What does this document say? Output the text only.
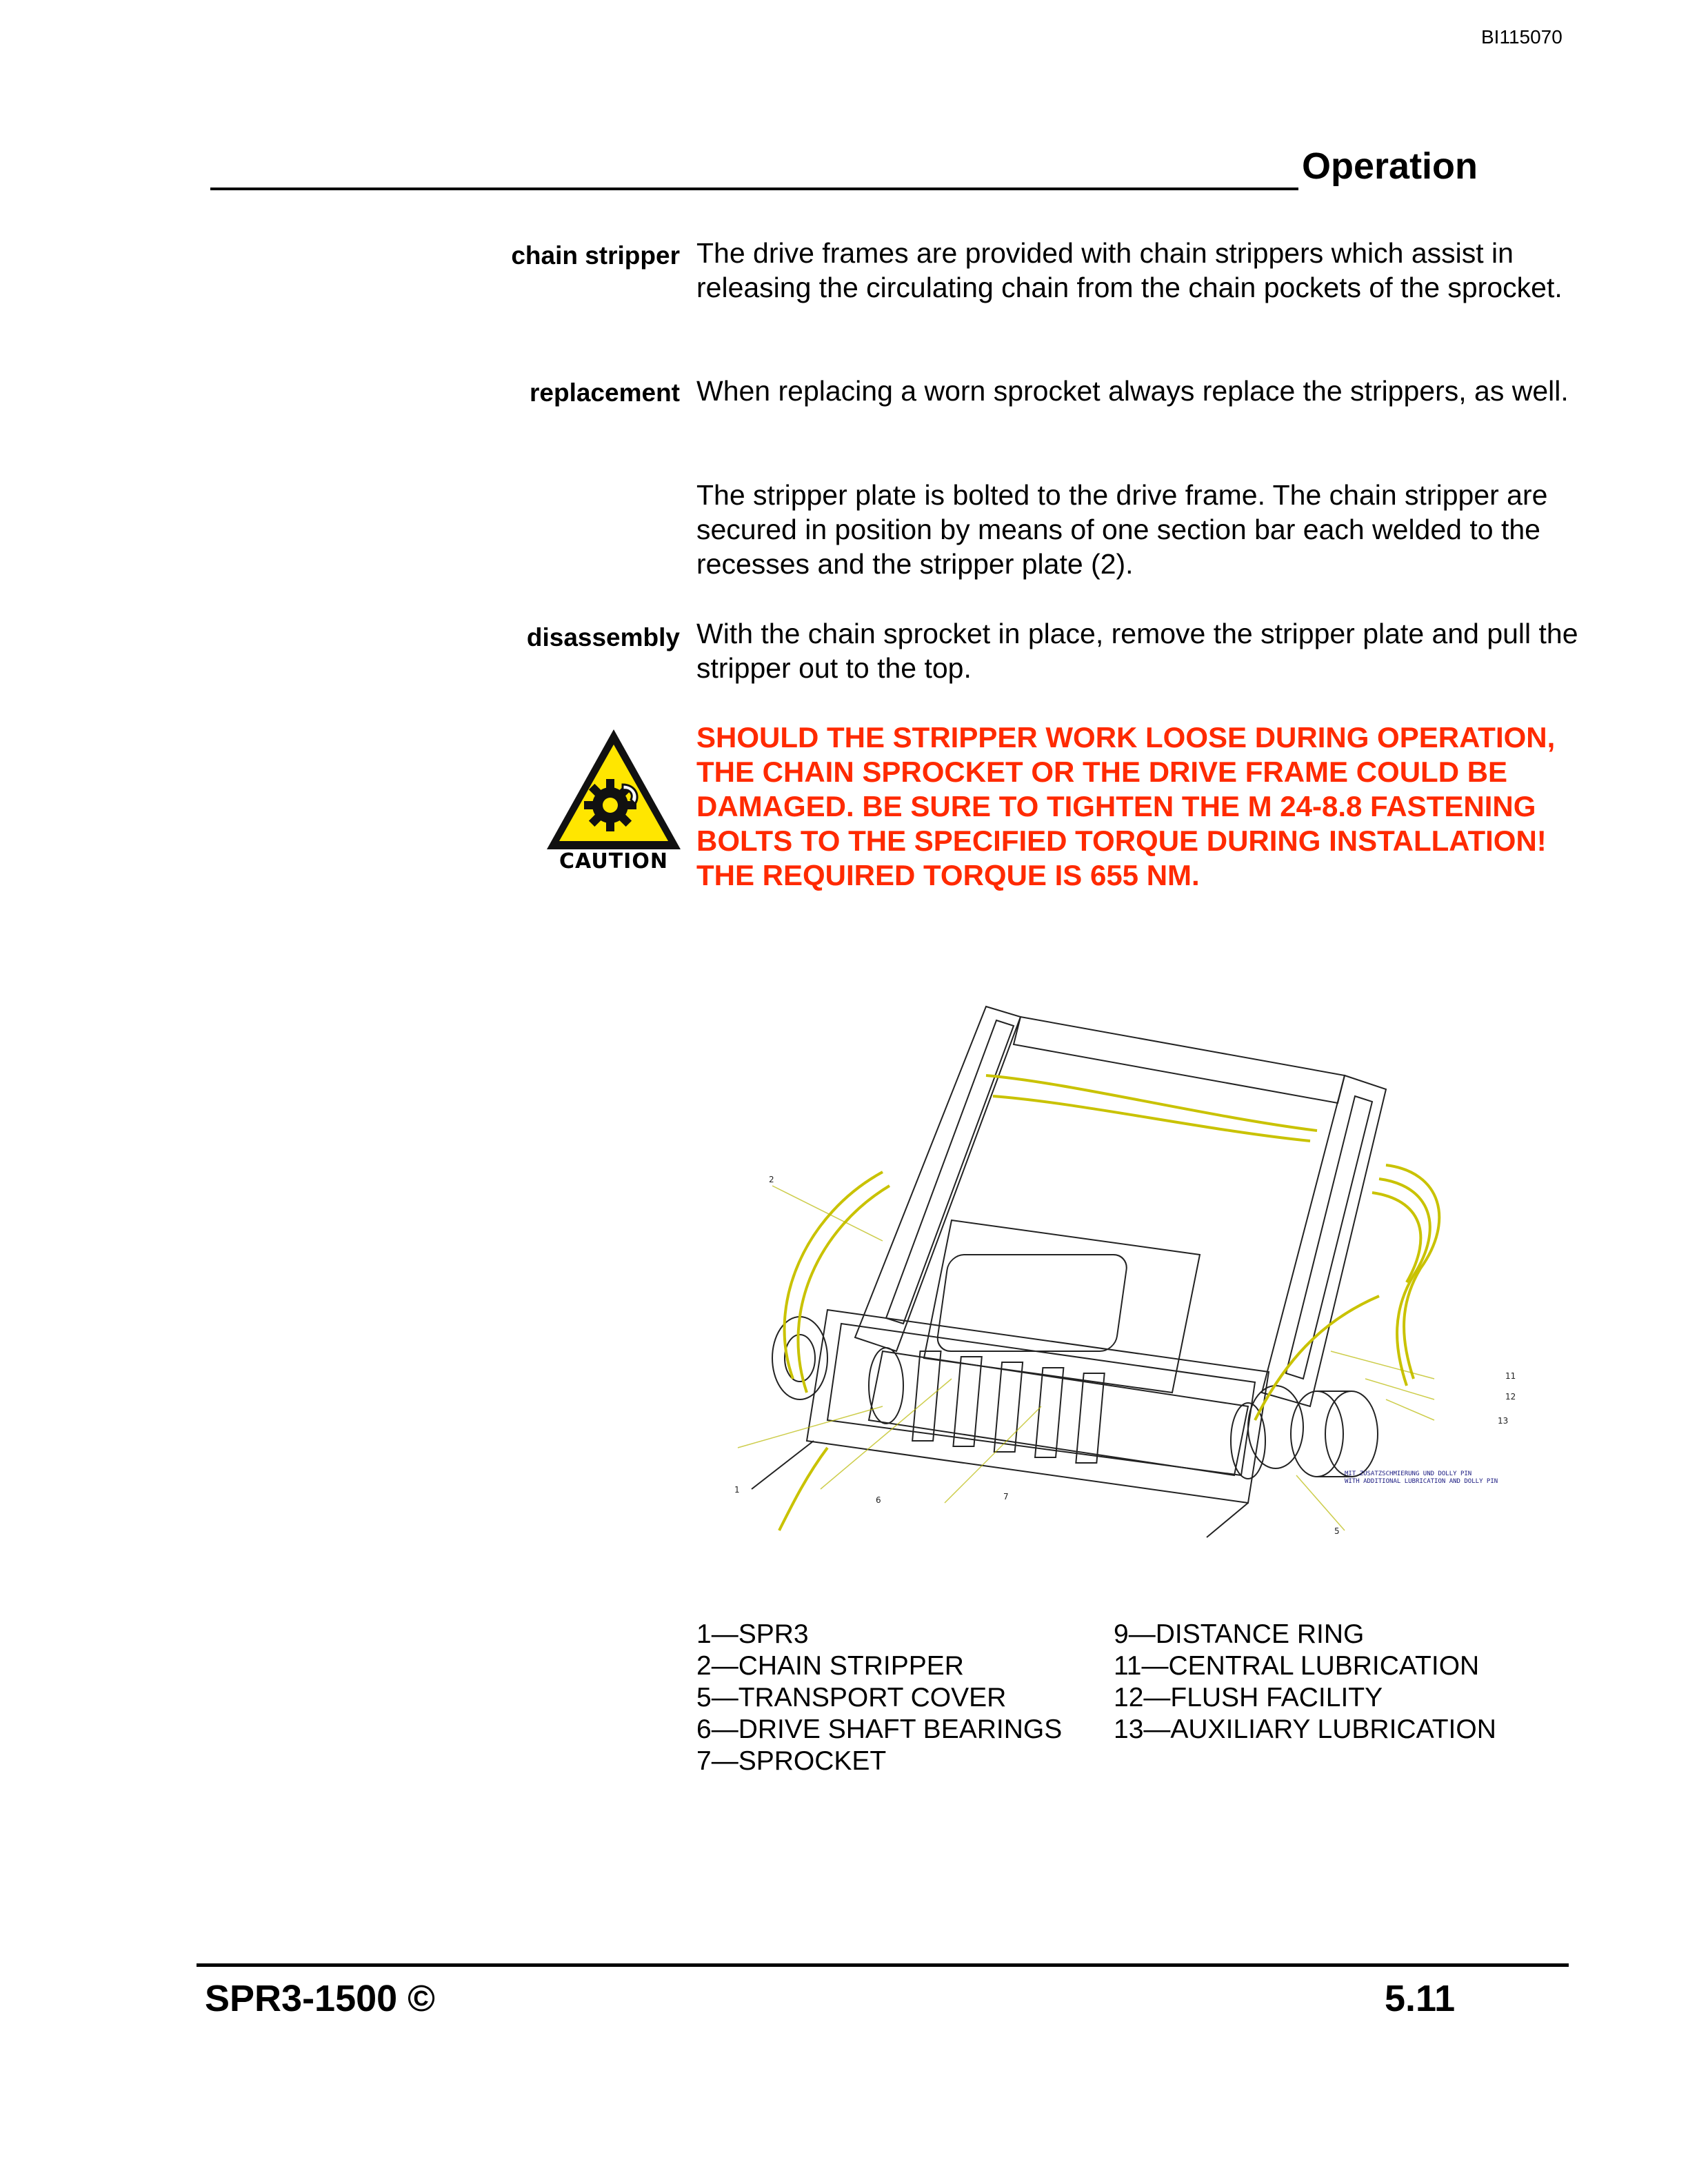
BI115070
Operation
chain stripper The drive frames are provided with chain strippers which assist in releasing the circulating chain from the chain pockets of the sprocket.
replacement When replacing a worn sprocket always replace the strippers, as well.
The stripper plate is bolted to the drive frame. The chain stripper are secured in position by means of one section bar each welded to the recesses and the stripper plate (2).
disassembly With the chain sprocket in place, remove the stripper plate and pull the stripper out to the top.
CAUTION
SHOULD THE STRIPPER WORK LOOSE DURING OPERATION, THE CHAIN SPROCKET OR THE DRIVE FRAME COULD BE DAMAGED. BE SURE TO TIGHTEN THE M 24-8.8 FASTENING BOLTS TO THE SPECIFIED TORQUE DURING INSTALLATION! THE REQUIRED TORQUE IS 655 NM.
1
2
5
6	7
11
12
13
MIT ZUSATZSCHMIERUNG UND DOLLY PIN
WITH ADDITIONAL LUBRICATION AND DOLLY PIN
1—SPR3
2—CHAIN STRIPPER
5—TRANSPORT COVER
6—DRIVE SHAFT BEARINGS
7—SPROCKET
9—DISTANCE RING
11—CENTRAL LUBRICATION
12—FLUSH FACILITY
13—AUXILIARY LUBRICATION
SPR3-1500 ©	5.11
